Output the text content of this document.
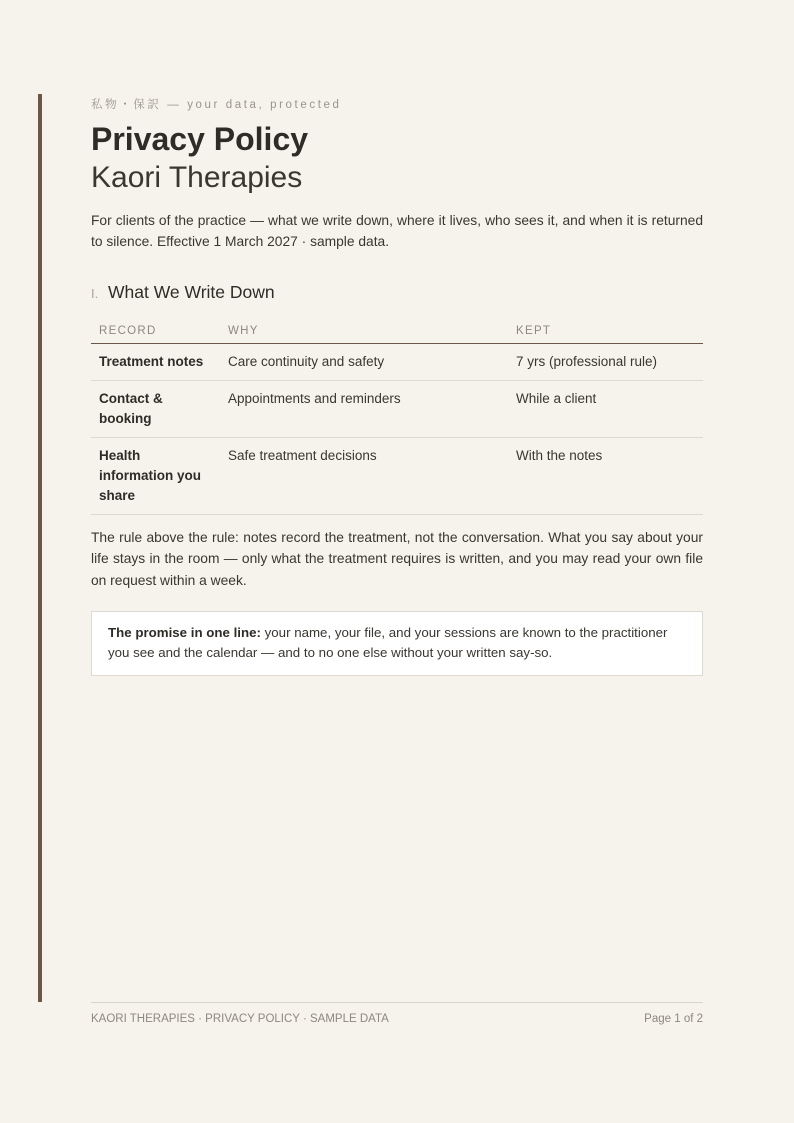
私物・保訳 — your data, protected

Privacy Policy
Kaori Therapies

For clients of the practice — what we write down, where it lives, who sees it, and when it is returned to silence. Effective 1 March 2027 · sample data.

I. What We Write Down
RECORD	WHY	KEPT
Treatment notes	Care continuity and safety	7 yrs (professional rule)
Contact & booking	Appointments and reminders	While a client
Health information you share	Safe treatment decisions	With the notes

The rule above the rule: notes record the treatment, not the conversation. What you say about your life stays in the room — only what the treatment requires is written, and you may read your own file on request within a week.

The promise in one line: your name, your file, and your sessions are known to the practitioner you see and the calendar — and to no one else without your written say-so.
KAORI THERAPIES · PRIVACY POLICY · SAMPLE DATA	Page 1 of 2
